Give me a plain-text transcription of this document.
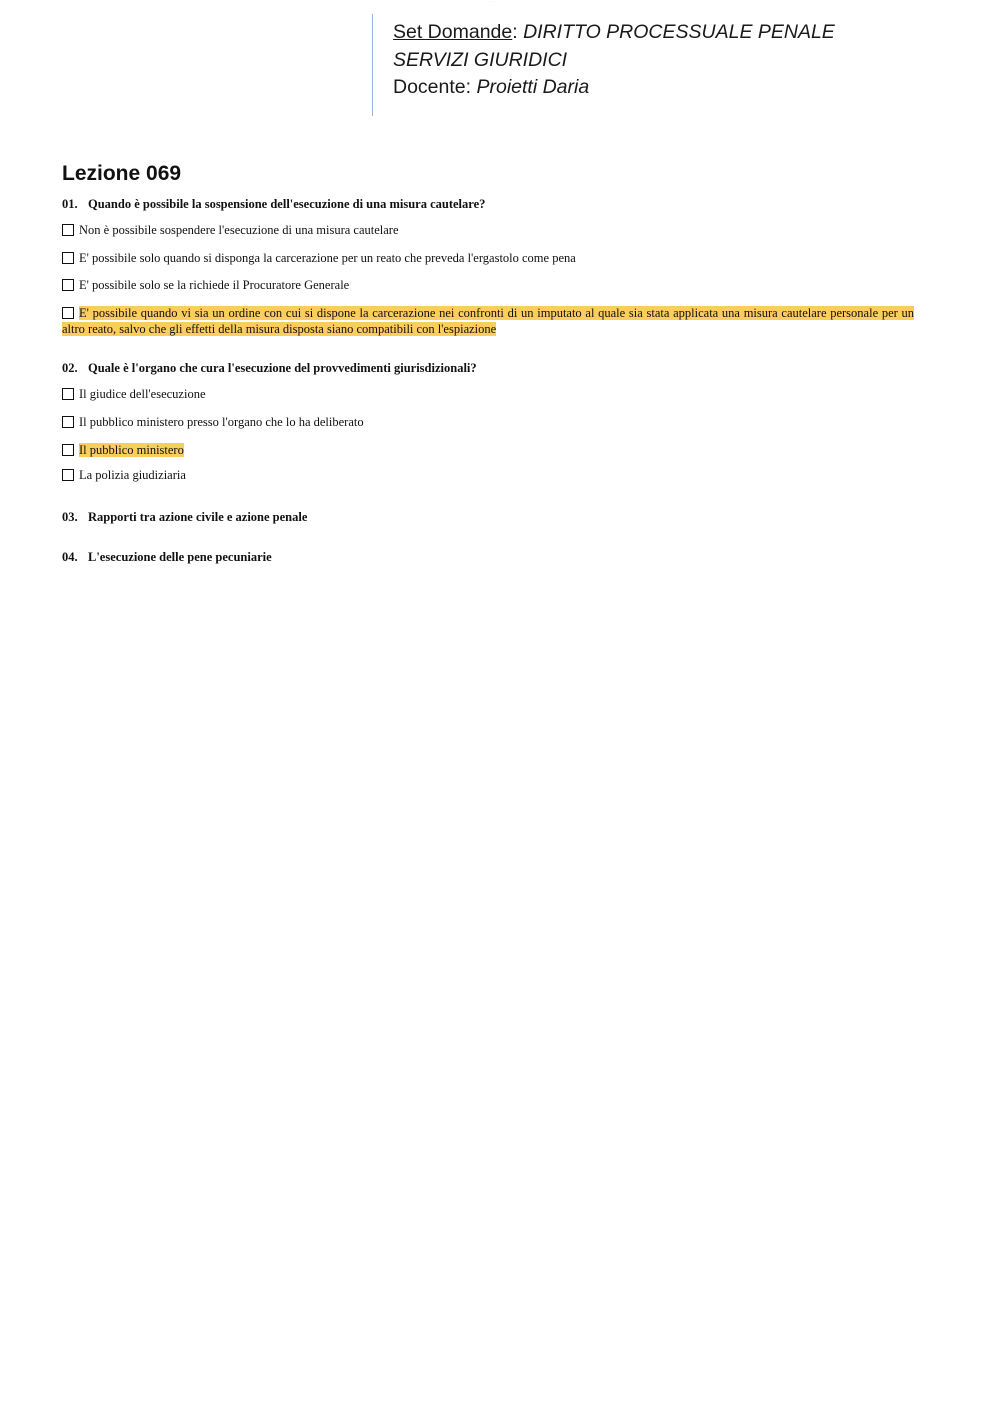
· · · · ·
Set Domande: DIRITTO PROCESSUALE PENALE
SERVIZI GIURIDICI
Docente: Proietti Daria
Lezione 069
01. Quando è possibile la sospensione dell'esecuzione di una misura cautelare?
Non è possibile sospendere l'esecuzione di una misura cautelare
E' possibile solo quando si disponga la carcerazione per un reato che preveda l'ergastolo come pena
E' possibile solo se la richiede il Procuratore Generale
E' possibile quando vi sia un ordine con cui si dispone la carcerazione nei confronti di un imputato al quale sia stata applicata una misura cautelare personale per un altro reato, salvo che gli effetti della misura disposta siano compatibili con l'espiazione
02. Quale è l'organo che cura l'esecuzione del provvedimenti giurisdizionali?
Il giudice dell'esecuzione
Il pubblico ministero presso l'organo che lo ha deliberato
Il pubblico ministero
La polizia giudiziaria
03. Rapporti tra azione civile e azione penale
04. L'esecuzione delle pene pecuniarie
